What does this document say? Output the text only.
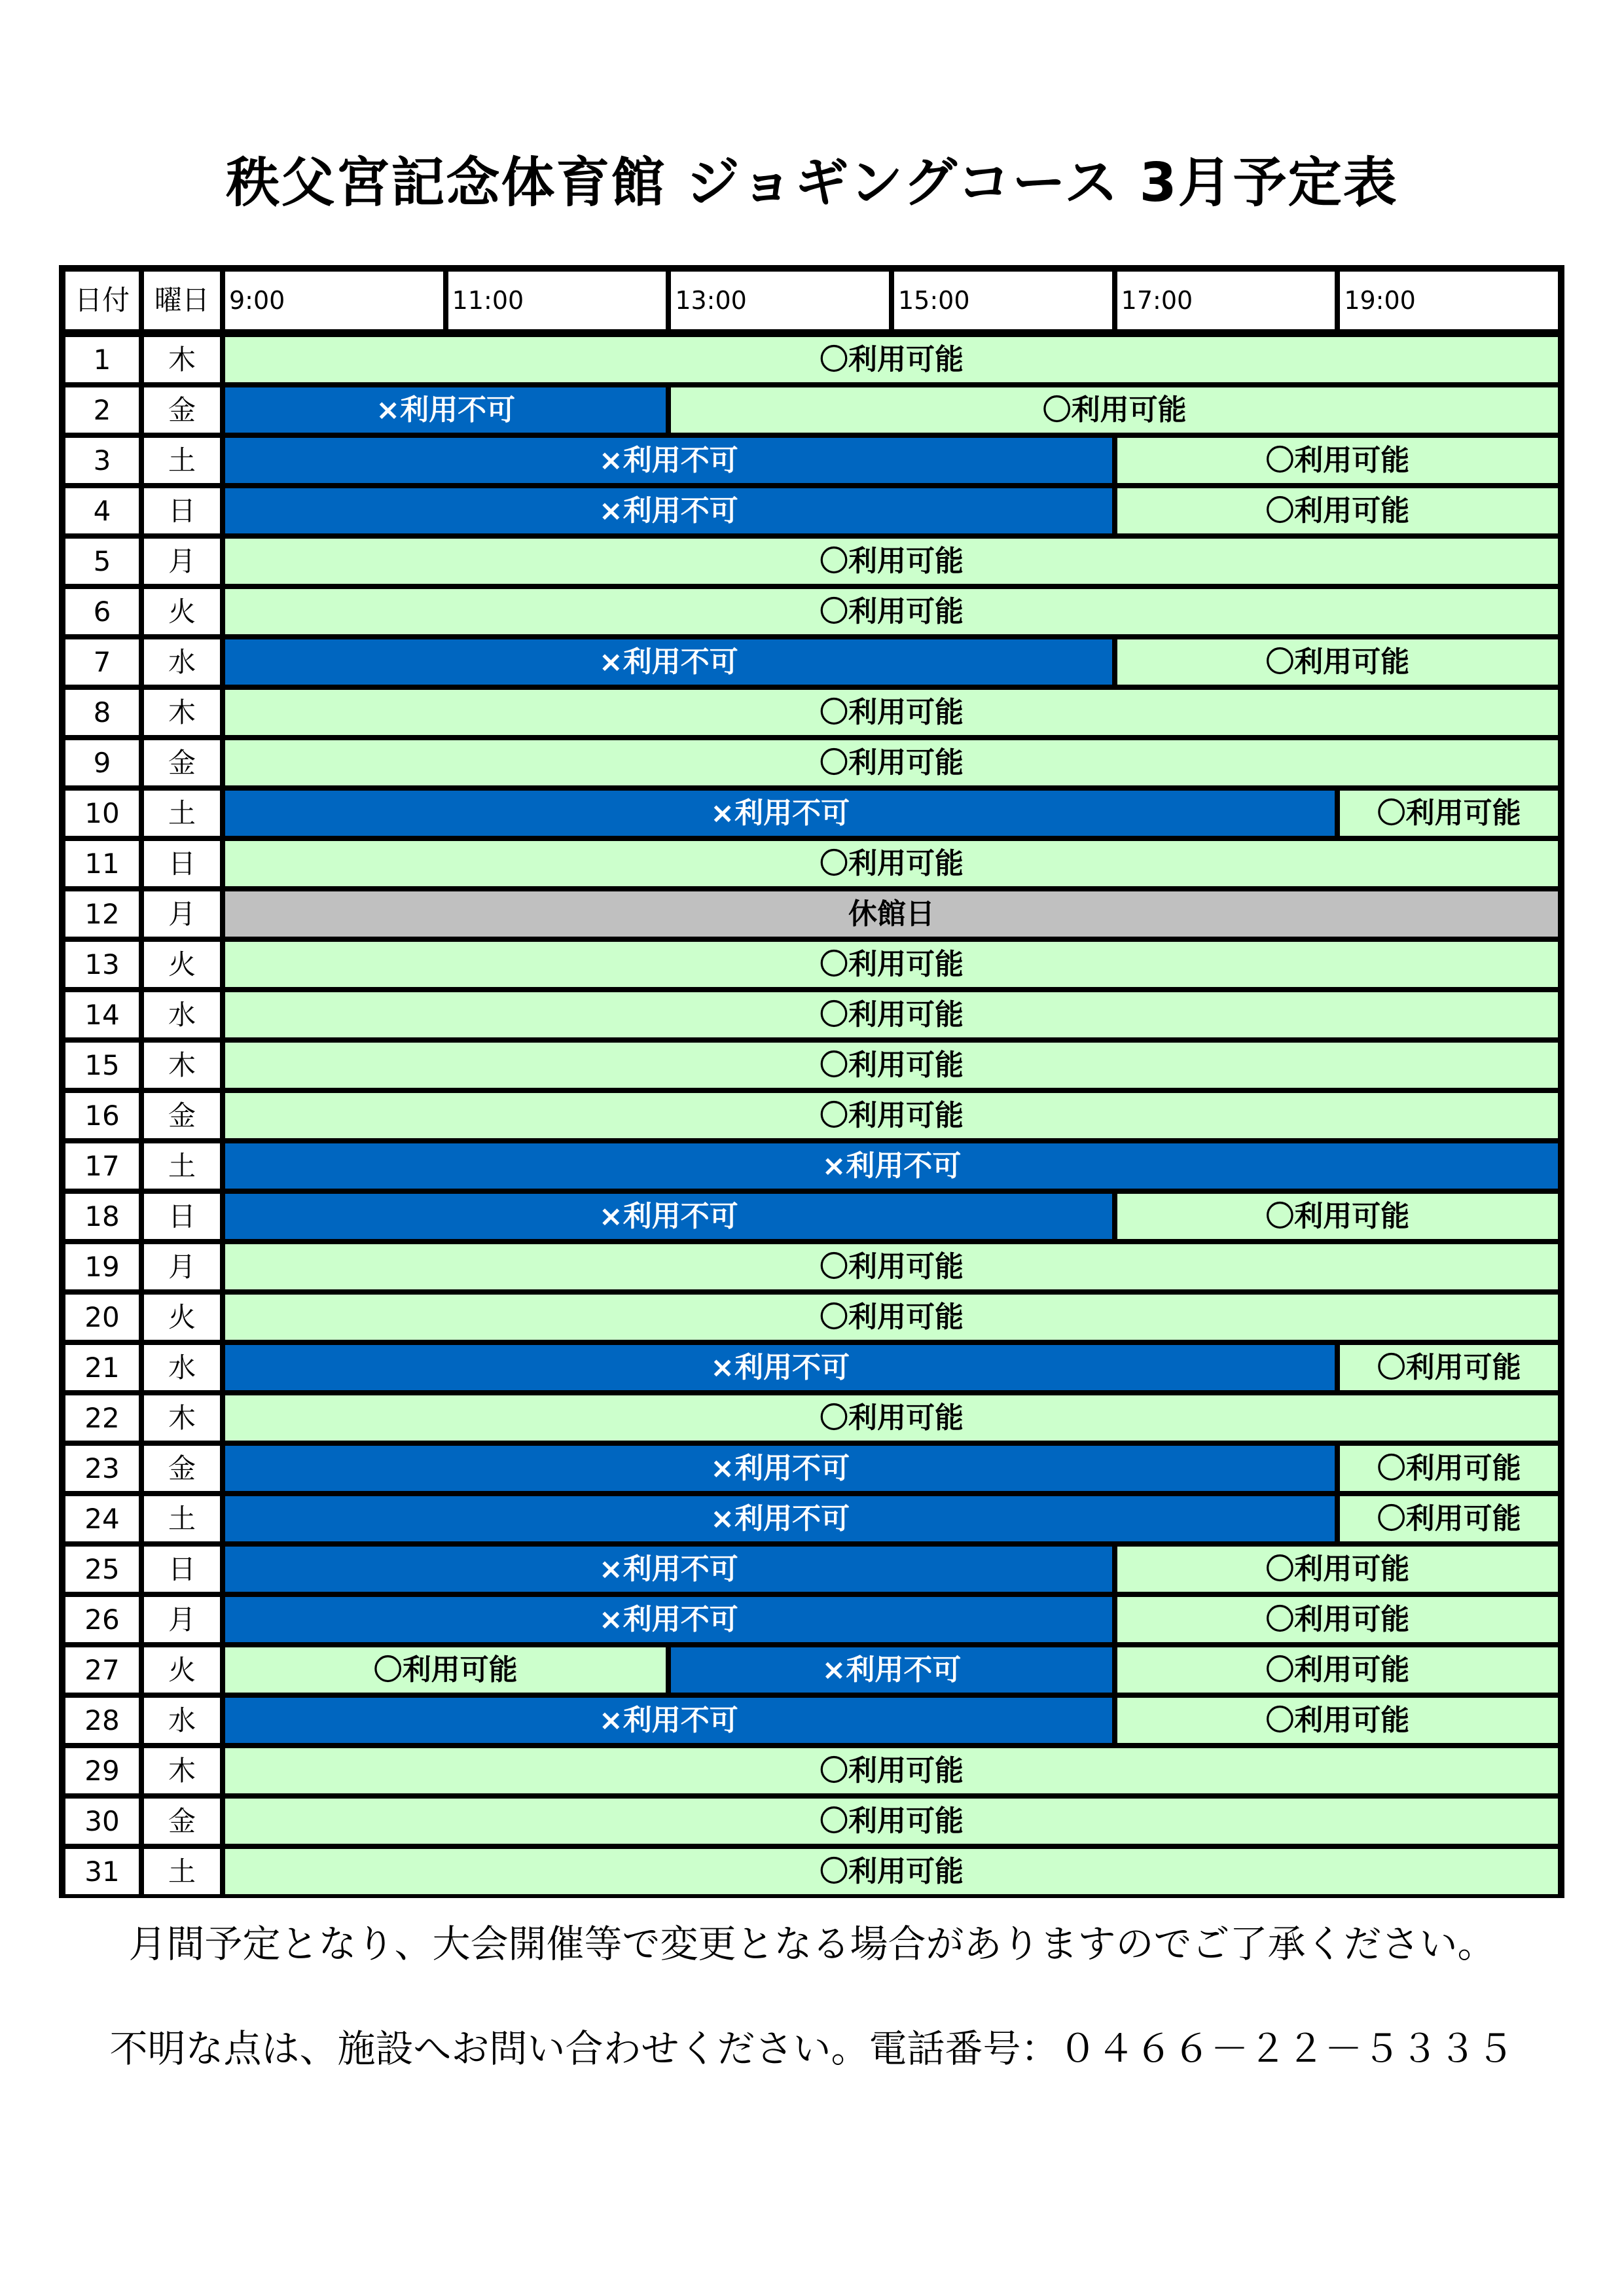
秩父宮記念体育館 ジョギングコース 3月予定表
日付 曜日 9:00	11:00	13:00	15:00	17:00	19:00
1	木	〇利用可能
2	金	×利用不可	〇利用可能
3	土	×利用不可	〇利用可能
4	日	×利用不可	〇利用可能
5	月	〇利用可能
6	火	〇利用可能
7	水	×利用不可	〇利用可能
8	木	〇利用可能
9	金	〇利用可能
10	土	×利用不可	〇利用可能
11	日	〇利用可能
12	月	休館日
13	火	〇利用可能
14	水	〇利用可能
15	木	〇利用可能
16	金	〇利用可能
17	土	×利用不可
18	日	×利用不可	〇利用可能
19	月	〇利用可能
20	火	〇利用可能
21	水	×利用不可	〇利用可能
22	木	〇利用可能
23	金	×利用不可	〇利用可能
24	土	×利用不可	〇利用可能
25	日	×利用不可	〇利用可能
26	月	×利用不可	〇利用可能
27	火	〇利用可能	×利用不可	〇利用可能
28	水	×利用不可	〇利用可能
29	木	〇利用可能
30	金	〇利用可能
31	土	〇利用可能
月間予定となり、大会開催等で変更となる場合がありますのでご了承ください。
不明な点は、施設へお問い合わせください。電話番号：０４６６－２２－５３３５
